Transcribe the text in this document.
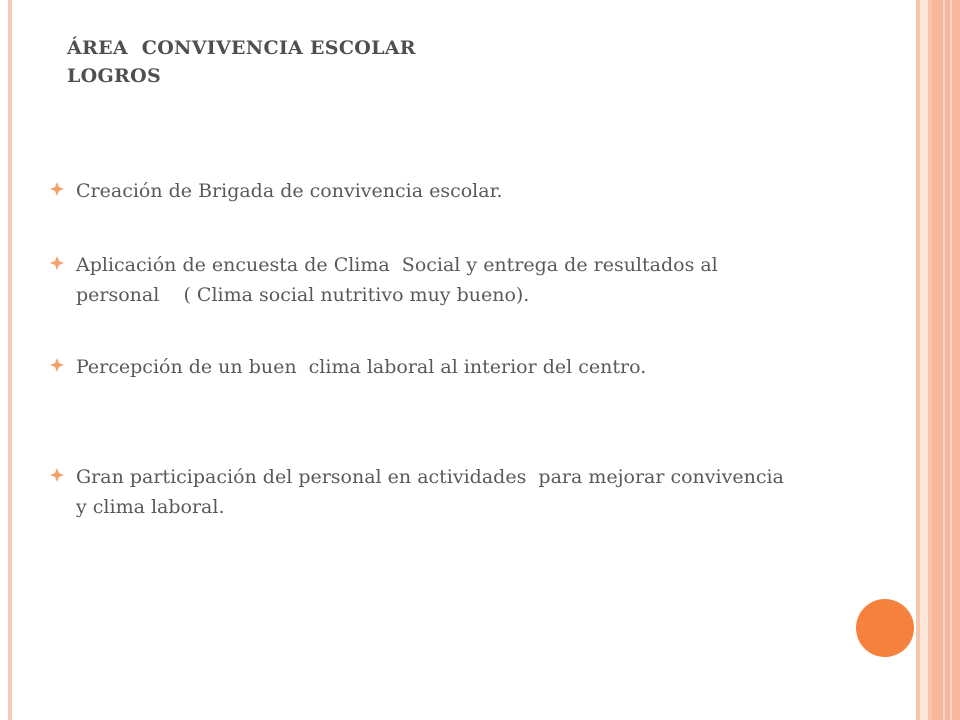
ÁREA  CONVIVENCIA ESCOLAR
LOGROS
Creación de Brigada de convivencia escolar.
Aplicación de encuesta de Clima  Social y entrega de resultados al
personal    ( Clima social nutritivo muy bueno).
Percepción de un buen  clima laboral al interior del centro.
Gran participación del personal en actividades  para mejorar convivencia
y clima laboral.
